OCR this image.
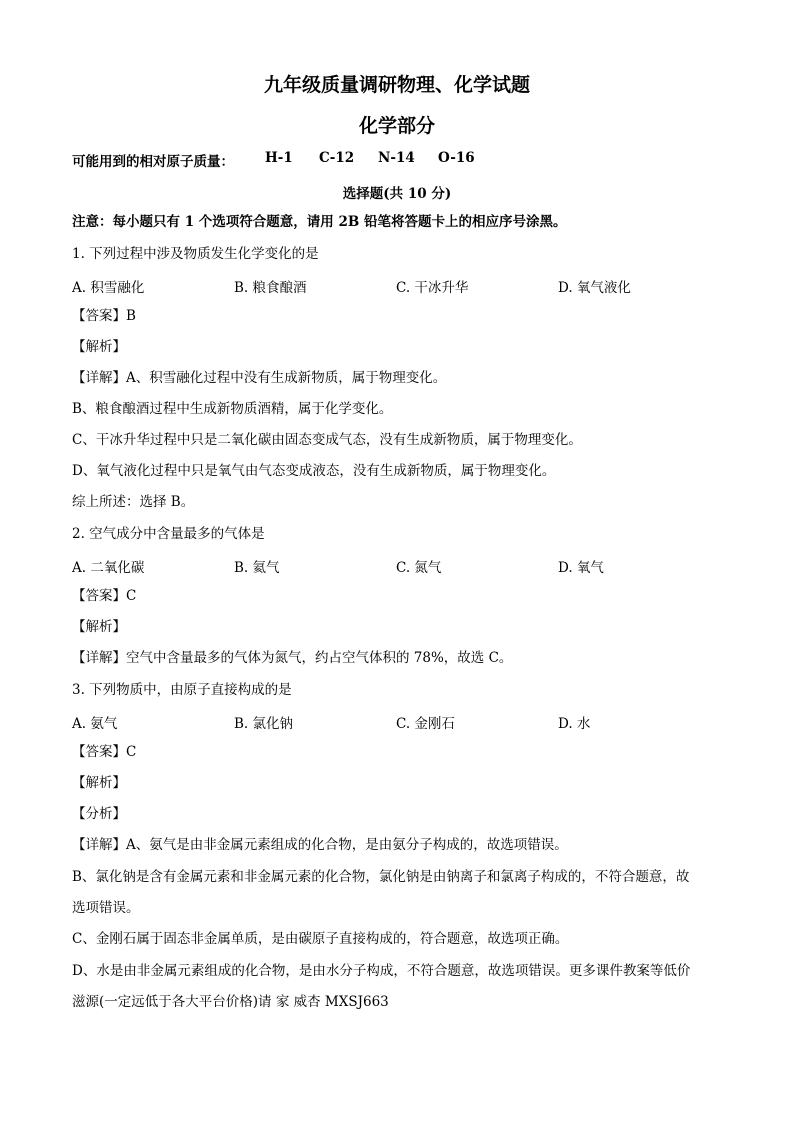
九年级质量调研物理、化学试题
化学部分
可能用到的相对原子质量： H-1 C-12 N-14 O-16
选择题(共 10 分)
注意：每小题只有 1 个选项符合题意，请用 2B 铅笔将答题卡上的相应序号涂黑。
1. 下列过程中涉及物质发生化学变化的是
A. 积雪融化	B. 粮食酿酒	C. 干冰升华	D. 氧气液化
【答案】B
【解析】
【详解】A、积雪融化过程中没有生成新物质，属于物理变化。
B、粮食酿酒过程中生成新物质酒精，属于化学变化。
C、干冰升华过程中只是二氧化碳由固态变成气态，没有生成新物质，属于物理变化。
D、氧气液化过程中只是氧气由气态变成液态，没有生成新物质，属于物理变化。
综上所述：选择 B。
2. 空气成分中含量最多的气体是
A. 二氧化碳	B. 氦气	C. 氮气	D. 氧气
【答案】C
【解析】
【详解】空气中含量最多的气体为氮气，约占空气体积的 78%，故选 C。
3. 下列物质中，由原子直接构成的是
A. 氨气	B. 氯化钠	C. 金刚石	D. 水
【答案】C
【解析】
【分析】
【详解】A、氨气是由非金属元素组成的化合物，是由氨分子构成的，故选项错误。
B、氯化钠是含有金属元素和非金属元素的化合物，氯化钠是由钠离子和氯离子构成的，不符合题意，故
选项错误。
C、金刚石属于固态非金属单质，是由碳原子直接构成的，符合题意，故选项正确。
D、水是由非金属元素组成的化合物，是由水分子构成，不符合题意，故选项错误。更多课件教案等低价
滋源(一定远低于各大平台价格)请 家 威杏 MXSJ663
